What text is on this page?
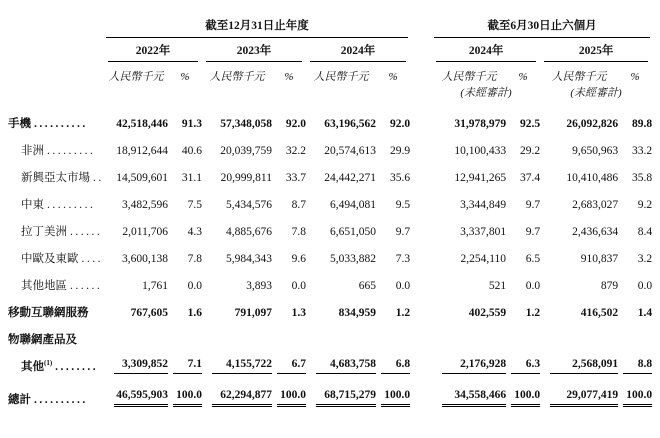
	截至12月31日止年度							截至6月30日止六個月			

	2022年		2023年		2024年			2024年		2025年	

	人民幣千元	%	人民幣千元	%	人民幣千元	%		人民幣千元	%	人民幣千元	%
								(未經審計)		(未經審計)	
手機 ..........	42,518,446	91.3	57,348,058	92.0	63,196,562	92.0		31,978,979	92.5	26,092,826	89.8

非洲 .........	18,912,644	40.6	20,039,759	32.2	20,574,613	29.9		10,100,433	29.2	9,650,963	33.2

新興亞太市場 ..	14,509,601	31.1	20,999,811	33.7	24,442,271	35.6		12,941,265	37.4	10,410,486	35.8

中東 .........	3,482,596	7.5	5,434,576	8.7	6,494,081	9.5		3,344,849	9.7	2,683,027	9.2

拉丁美洲 ......	2,011,706	4.3	4,885,676	7.8	6,651,050	9.7		3,337,801	9.7	2,436,634	8.4

中歐及東歐 ....	3,600,138	7.8	5,984,343	9.6	5,033,882	7.3		2,254,110	6.5	910,837	3.2

其他地區 ......	1,761	0.0	3,893	0.0	665	0.0		521	0.0	879	0.0

移動互聯網服務	767,605	1.6	791,097	1.3	834,959	1.2		402,559	1.2	416,502	1.4

物聯網產品及											
其他$^{(1)}$ ........	3,309,852	7.1	4,155,722	6.7	4,683,758	6.8		2,176,928	6.3	2,568,091	8.8

總計 ..........	46,595,903	100.0	62,294,877	100.0	68,715,279	100.0		34,558,466	100.0	29,077,419	100.0
